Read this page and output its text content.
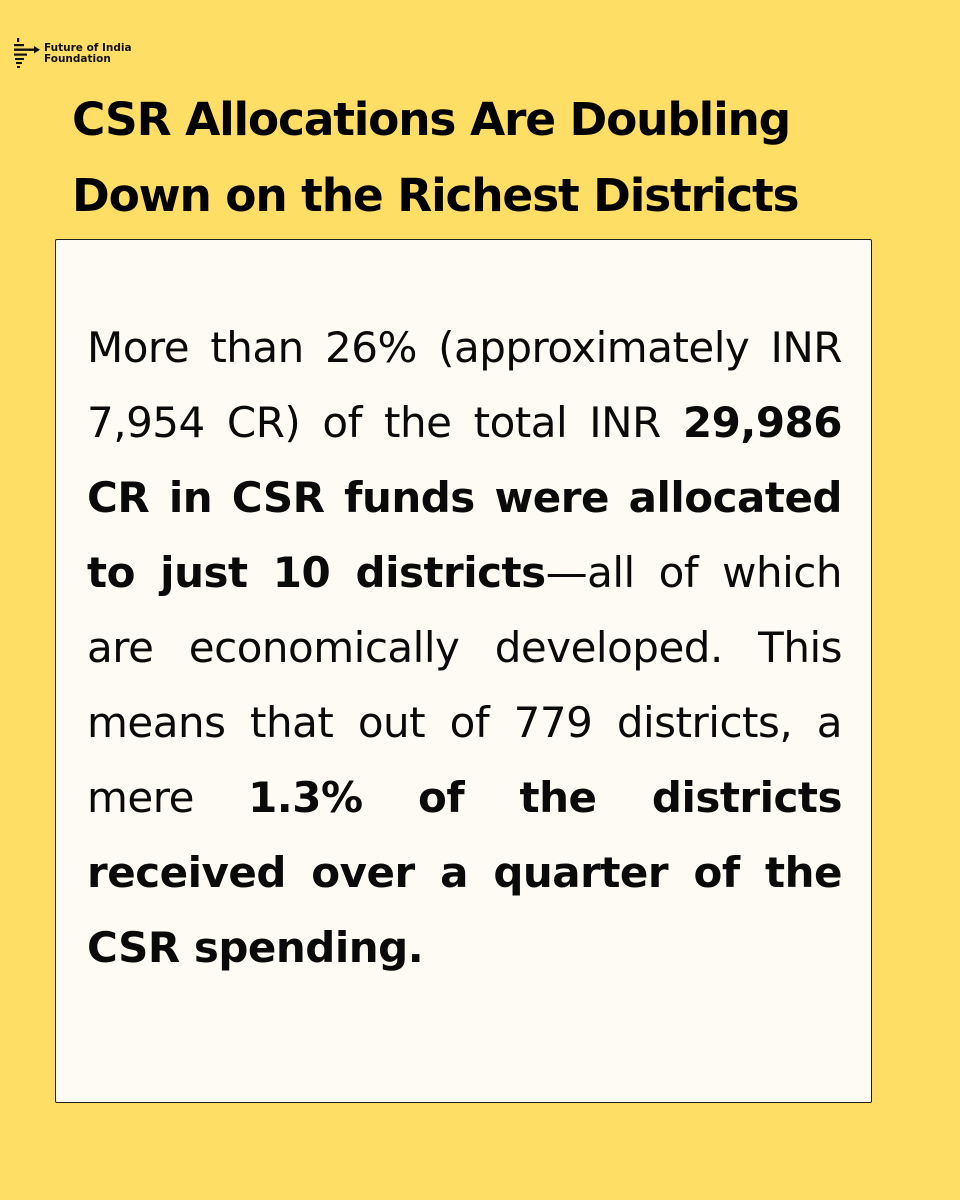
Future of India
Foundation
CSR Allocations Are Doubling
Down on the Richest Districts

More than 26% (approximately INR 7,954 CR) of the total INR 29,986 CR in CSR funds were allocated to just 10 districts—all of which are economically developed. This means that out of 779 districts, a mere 1.3% of the districts received over a quarter of the CSR spending.
